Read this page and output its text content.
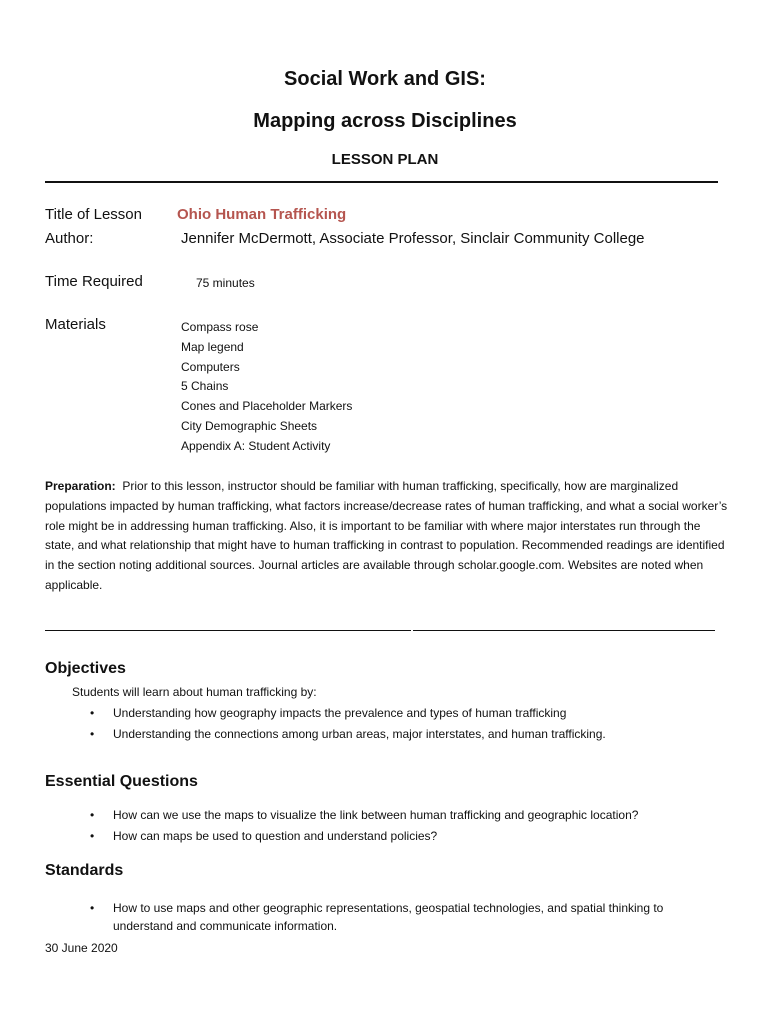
Social Work and GIS:
Mapping across Disciplines
LESSON PLAN
Title of Lesson Ohio Human Trafficking
Author:	Jennifer McDermott, Associate Professor, Sinclair Community College
Time Required	75 minutes
Materials	Compass rose
Map legend
Computers
5 Chains
Cones and Placeholder Markers
City Demographic Sheets
Appendix A: Student Activity

Preparation: Prior to this lesson, instructor should be familiar with human trafficking, specifically, how are marginalized populations impacted by human trafficking, what factors increase/decrease rates of human trafficking, and what a social worker’s role might be in addressing human trafficking. Also, it is important to be familiar with where major interstates run through the state, and what relationship that might have to human trafficking in contrast to population. Recommended readings are identified in the section noting additional sources. Journal articles are available through scholar.google.com. Websites are noted when applicable.

Objectives
Students will learn about human trafficking by:
• Understanding how geography impacts the prevalence and types of human trafficking
• Understanding the connections among urban areas, major interstates, and human trafficking.
Essential Questions
• How can we use the maps to visualize the link between human trafficking and geographic location?
• How can maps be used to question and understand policies?
Standards
•	How to use maps and other geographic representations, geospatial technologies, and spatial thinking to understand and communicate information.
30 June 2020
